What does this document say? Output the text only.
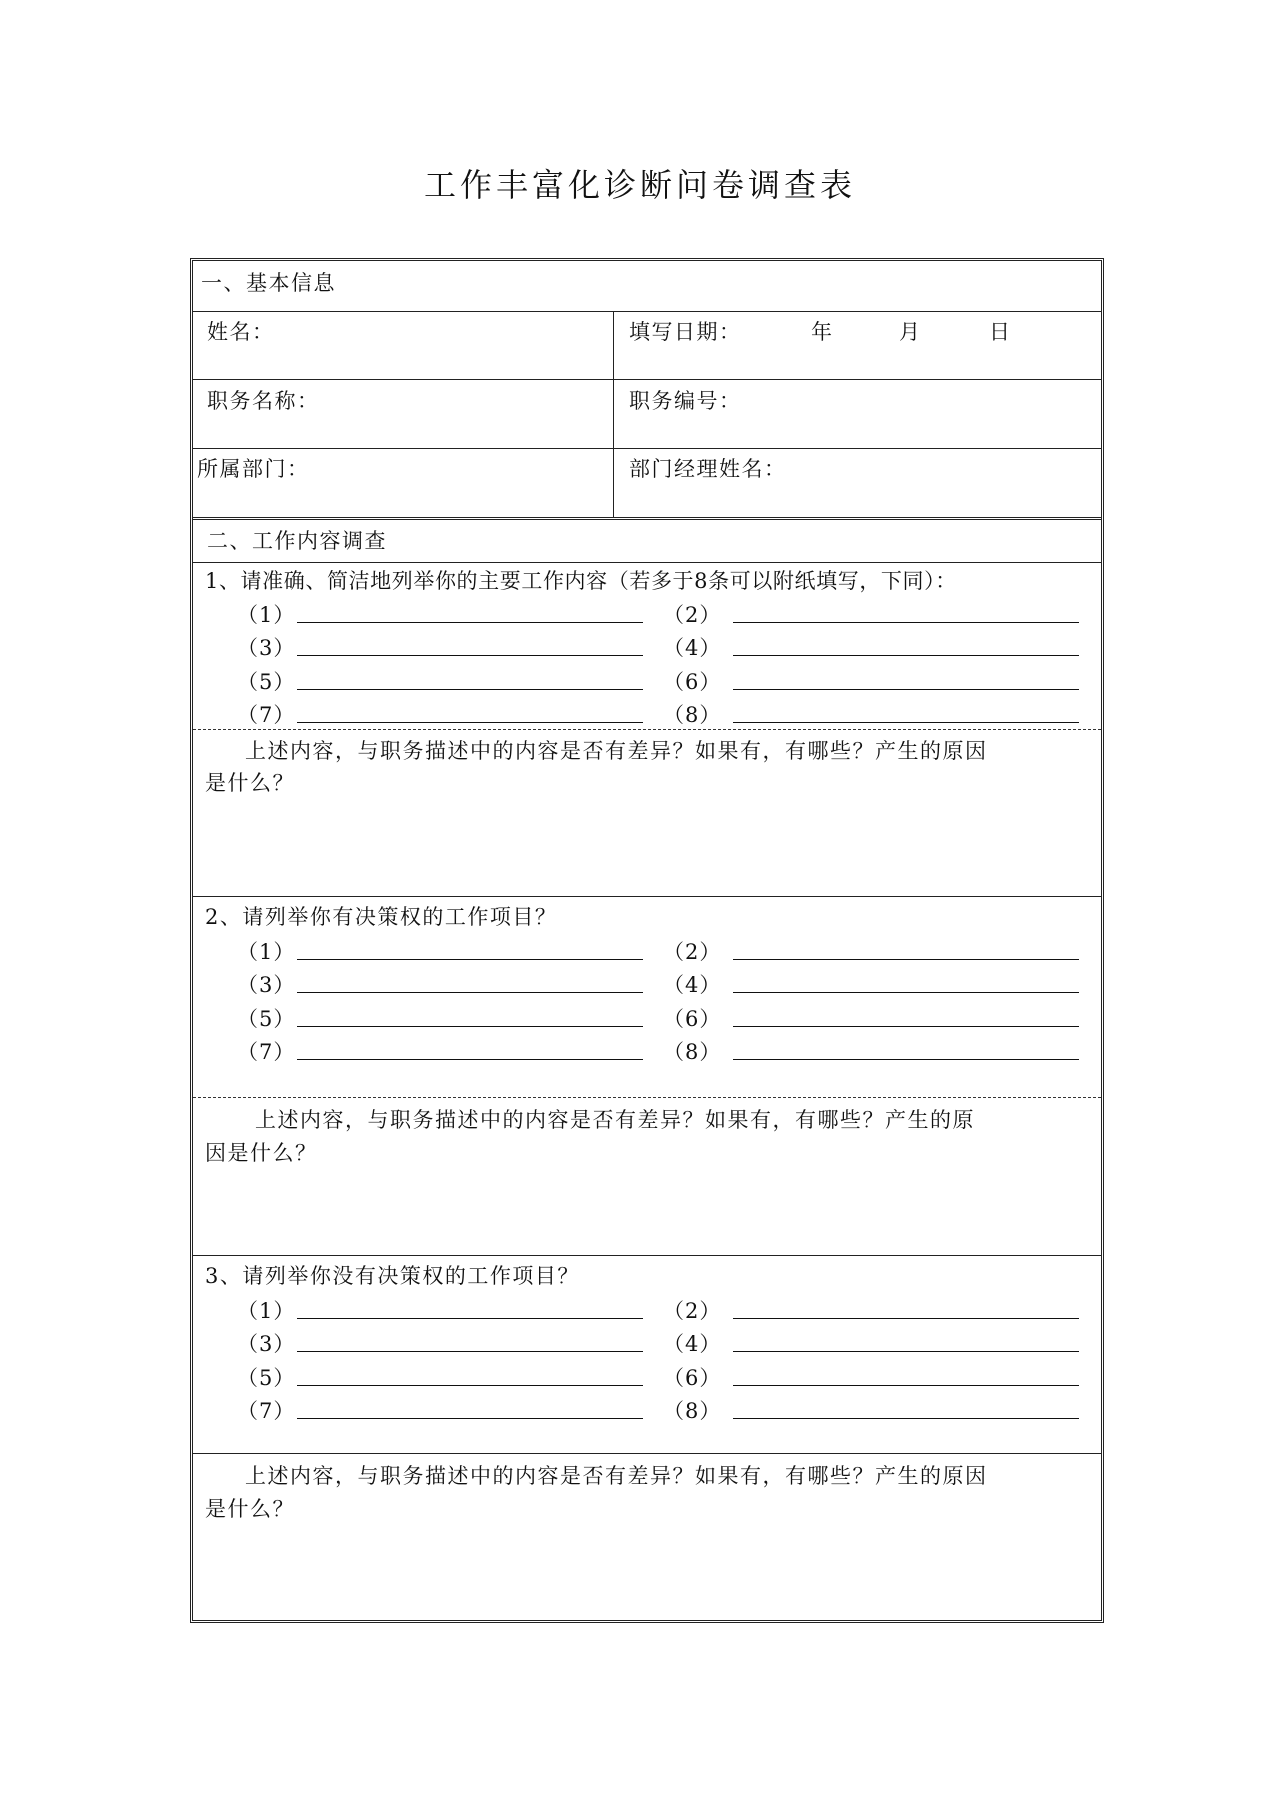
工作丰富化诊断问卷调查表
一、基本信息
姓名：	填写日期：	年	月	日
职务名称：	职务编号：
所属部门：	部门经理姓名：
二、工作内容调查
1、请准确、简洁地列举你的主要工作内容（若多于8条可以附纸填写，下同）：
（1）	（2）
（3）	（4）
（5）	（6）
（7）	（8）
上述内容，与职务描述中的内容是否有差异？如果有，有哪些？产生的原因
是什么？
2、请列举你有决策权的工作项目？
（1）	（2）
（3）	（4）
（5）	（6）
（7）	（8）
上述内容，与职务描述中的内容是否有差异？如果有，有哪些？产生的原
因是什么？
3、请列举你没有决策权的工作项目？
（1）	（2）
（3）	（4）
（5）	（6）
（7）	（8）
上述内容，与职务描述中的内容是否有差异？如果有，有哪些？产生的原因
是什么？
